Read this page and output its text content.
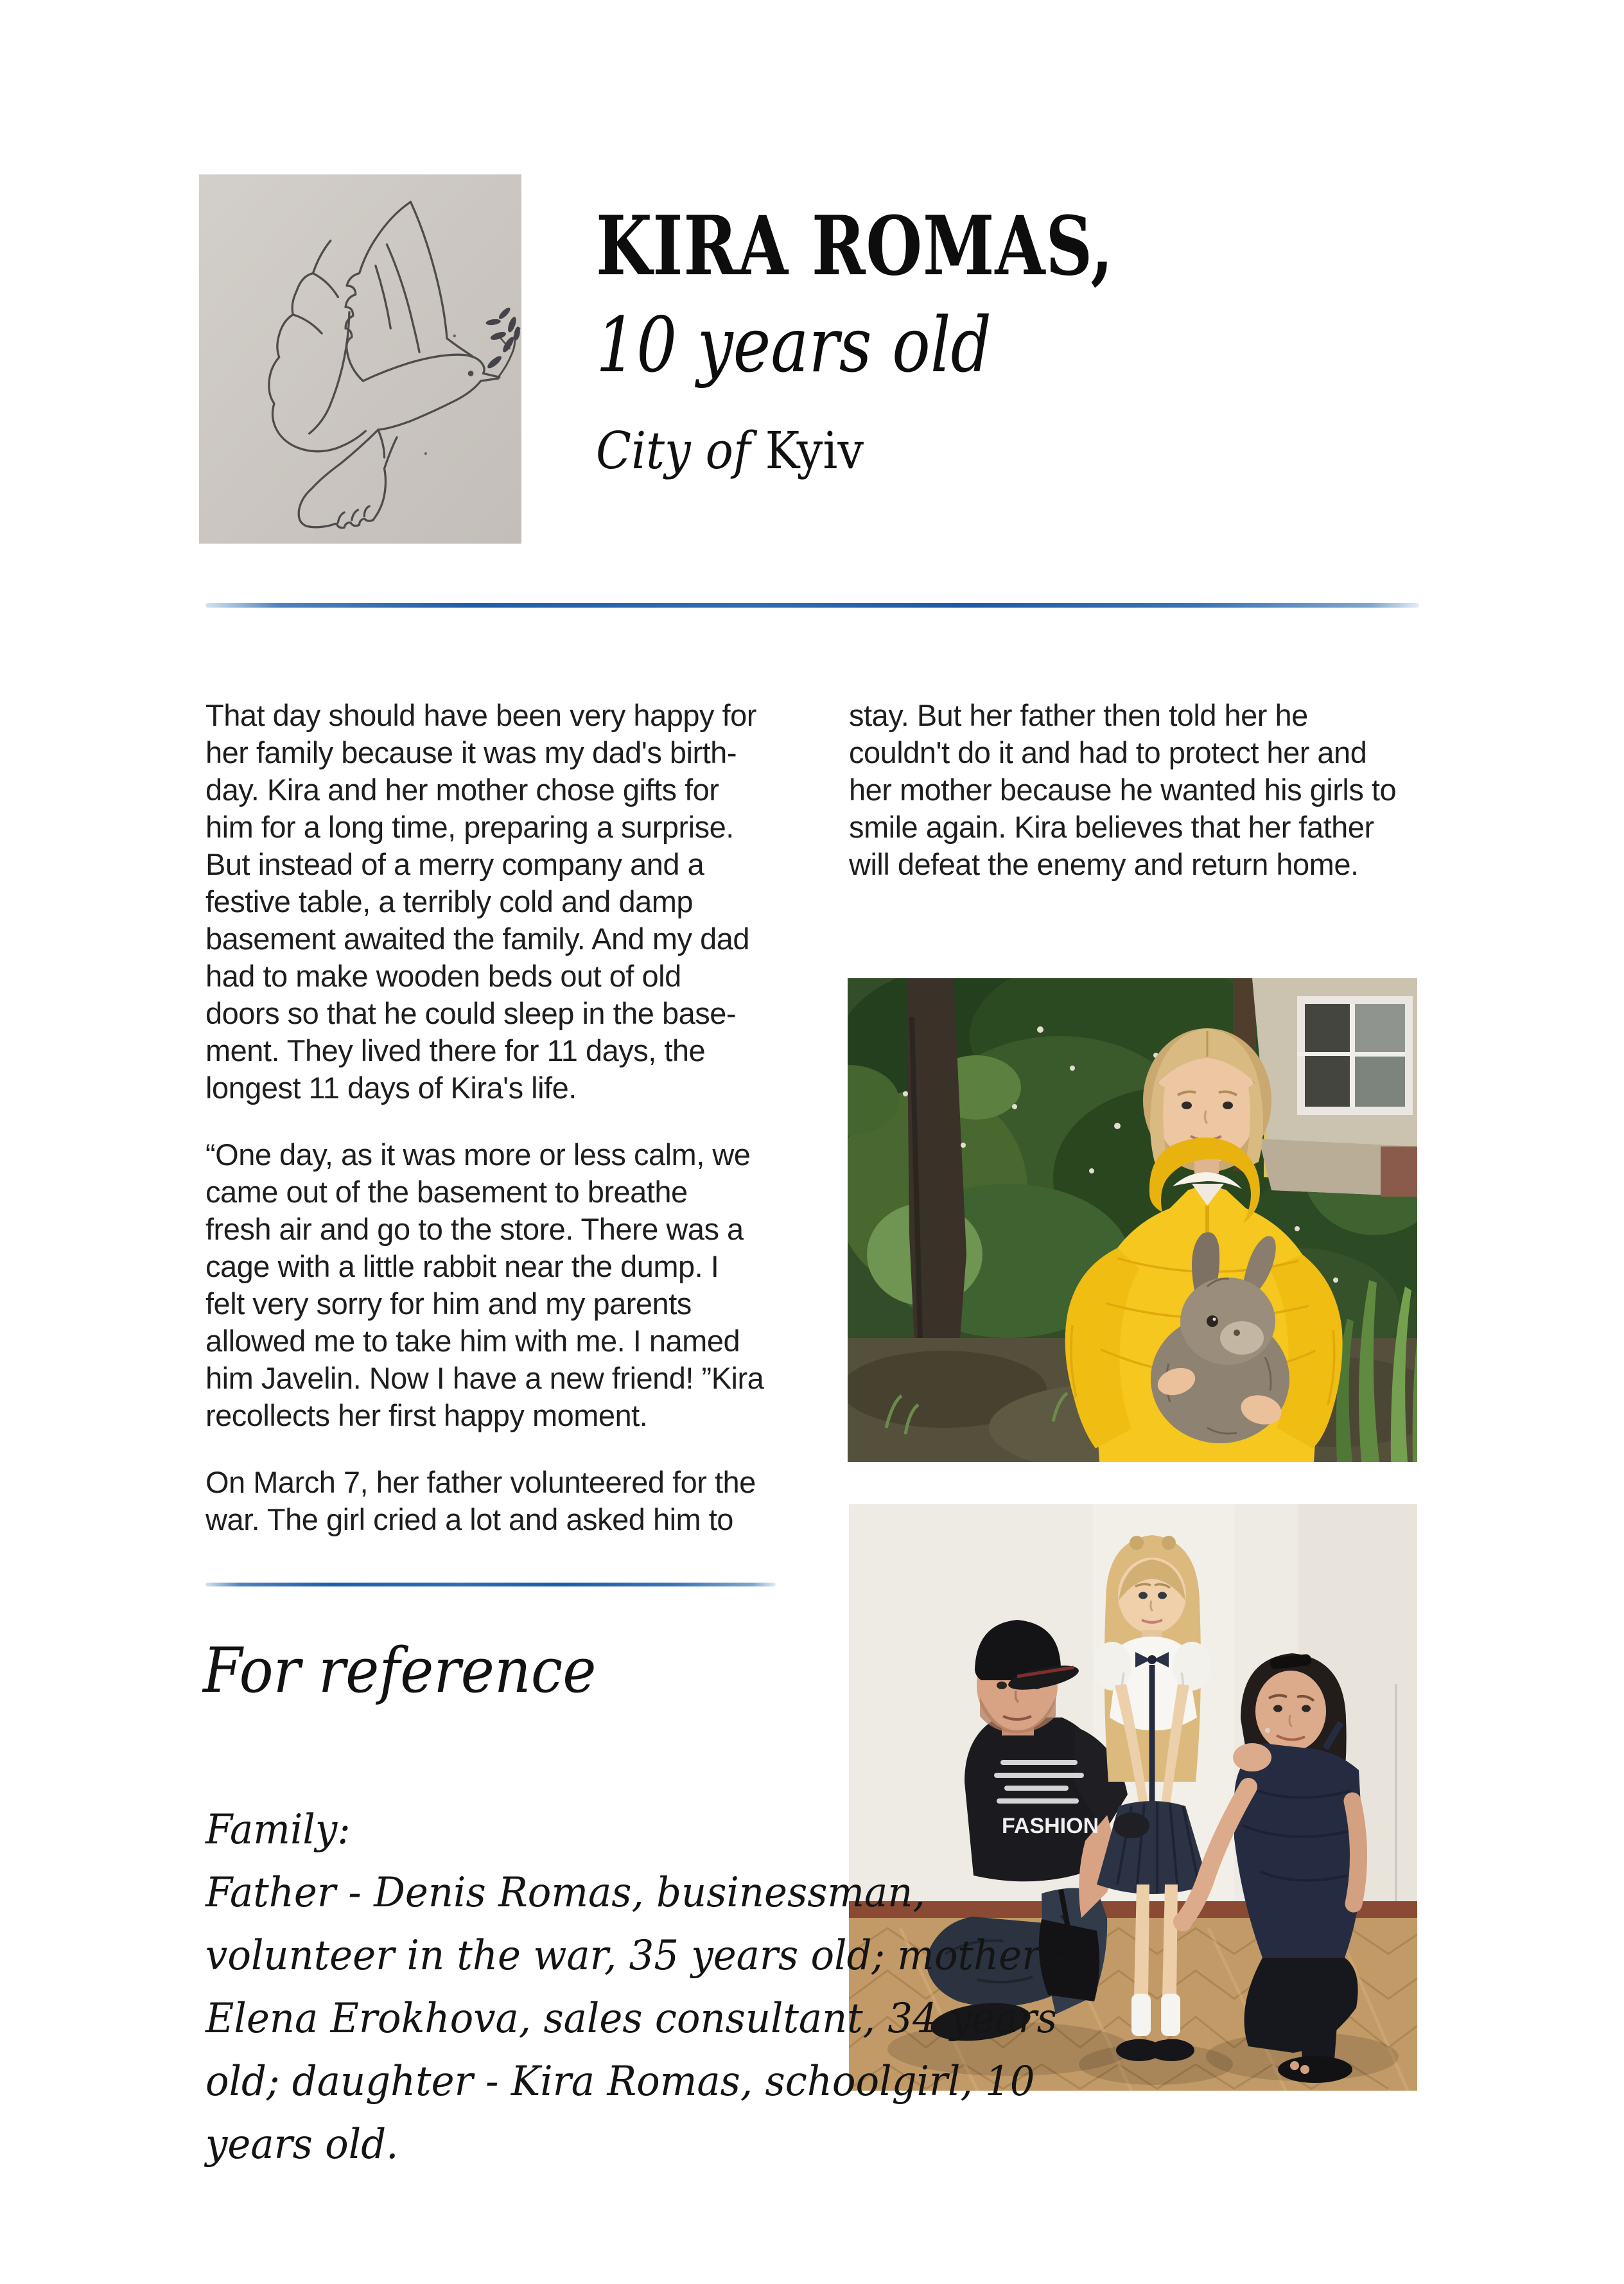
KIRA ROMAS,
10 years old
City of Kyiv

That day should have been very happy for
her family because it was my dad's birth-
day. Kira and her mother chose gifts for
him for a long time, preparing a surprise.
But instead of a merry company and a
festive table, a terribly cold and damp
basement awaited the family. And my dad
had to make wooden beds out of old
doors so that he could sleep in the base-
ment. They lived there for 11 days, the
longest 11 days of Kira's life.

“One day, as it was more or less calm, we
came out of the basement to breathe
fresh air and go to the store. There was a
cage with a little rabbit near the dump. I
felt very sorry for him and my parents
allowed me to take him with me. I named
him Javelin. Now I have a new friend! ”Kira
recollects her first happy moment.

On March 7, her father volunteered for the
war. The girl cried a lot and asked him to

stay. But her father then told her he
couldn't do it and had to protect her and
her mother because he wanted his girls to
smile again. Kira believes that her father
will defeat the enemy and return home.

FASHION
For reference
Family:
Father - Denis Romas, businessman,
volunteer in the war, 35 years old; mother -
Elena Erokhova, sales consultant, 34 years
old; daughter - Kira Romas, schoolgirl, 10
years old.
